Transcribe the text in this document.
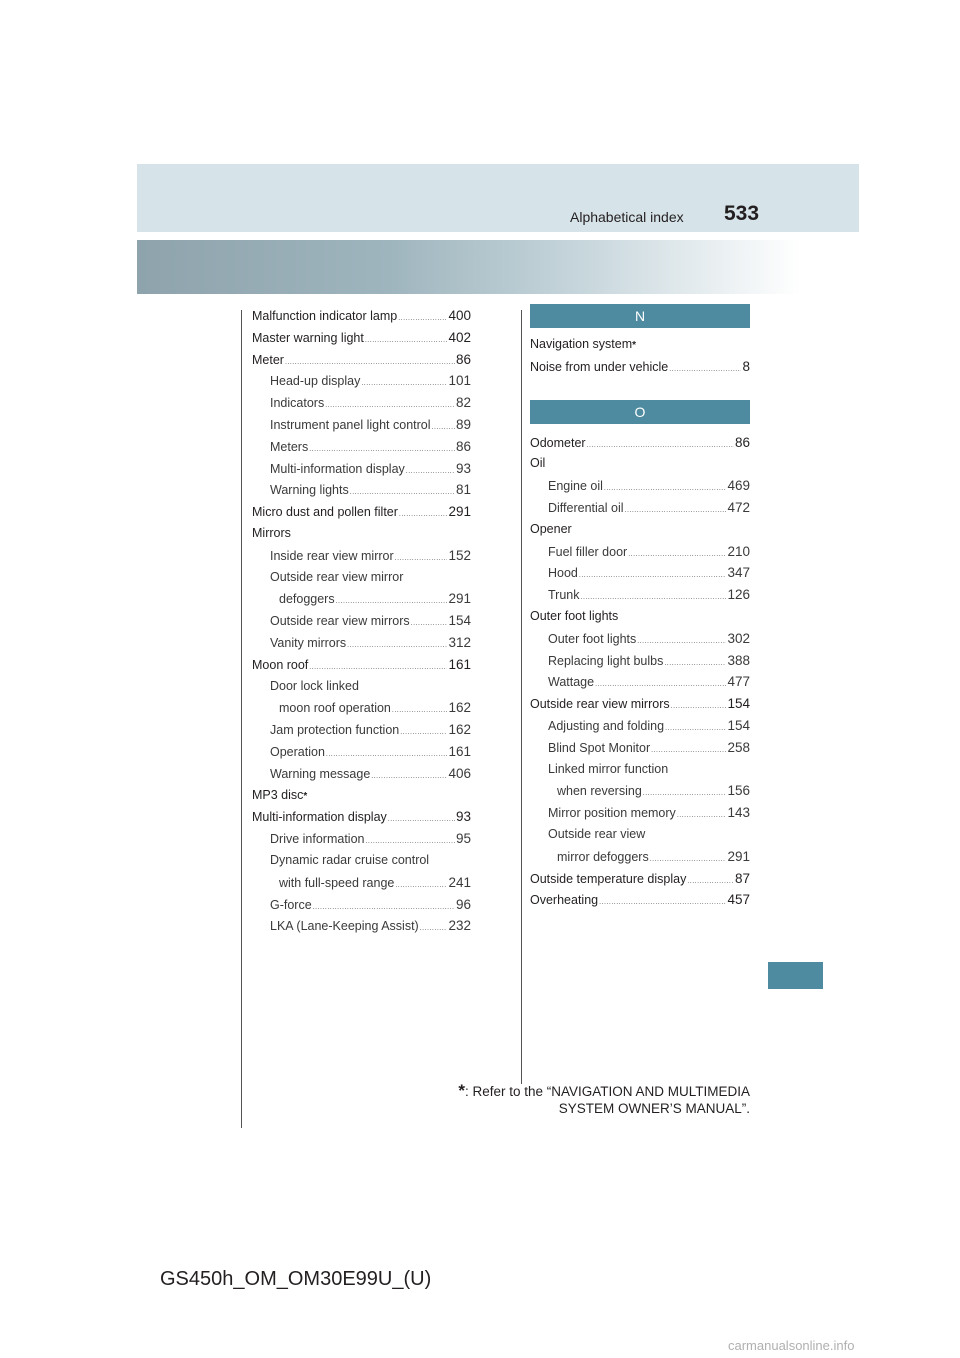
Alphabetical index 533
Malfunction indicator lamp .....	400
Master warning light .....	402
Meter .....	86
Head-up display .....	101
Indicators .....	82
Instrument panel light control ..... 89
Meters .....	86
Multi-information display .....	93
Warning lights .....	81
Micro dust and pollen filter .....	291
Mirrors
Inside rear view mirror .....	152
Outside rear view mirror
defoggers .....	291
Outside rear view mirrors .....	154
Vanity mirrors .....	312
Moon roof .....	161
Door lock linked
moon roof operation .....	162
Jam protection function .....	162
Operation .....	161
Warning message .....	406
MP3 disc *
Multi-information display .....	93
Drive information .....	95
Dynamic radar cruise control
with full-speed range .....	241
G-force .....	96
LKA (Lane-Keeping Assist) ..... 232
N
Navigation system *
Noise from under vehicle .....	8
O
Odometer .....	86
Oil
Engine oil .....	469
Differential oil .....	472
Opener
Fuel filler door .....	210
Hood .....	347
Trunk .....	126
Outer foot lights
Outer foot lights .....	302
Replacing light bulbs .....	388
Wattage .....	477
Outside rear view mirrors .....	154
Adjusting and folding .....	154
Blind Spot Monitor .....	258
Linked mirror function
when reversing .....	156
Mirror position memory .....	143
Outside rear view
mirror defoggers .....	291
Outside temperature display .....	87
Overheating .....	457
*: Refer to the “NAVIGATION AND MULTIMEDIA
SYSTEM OWNER’S MANUAL”.
GS450h_OM_OM30E99U_(U)
carmanualsonline.info
